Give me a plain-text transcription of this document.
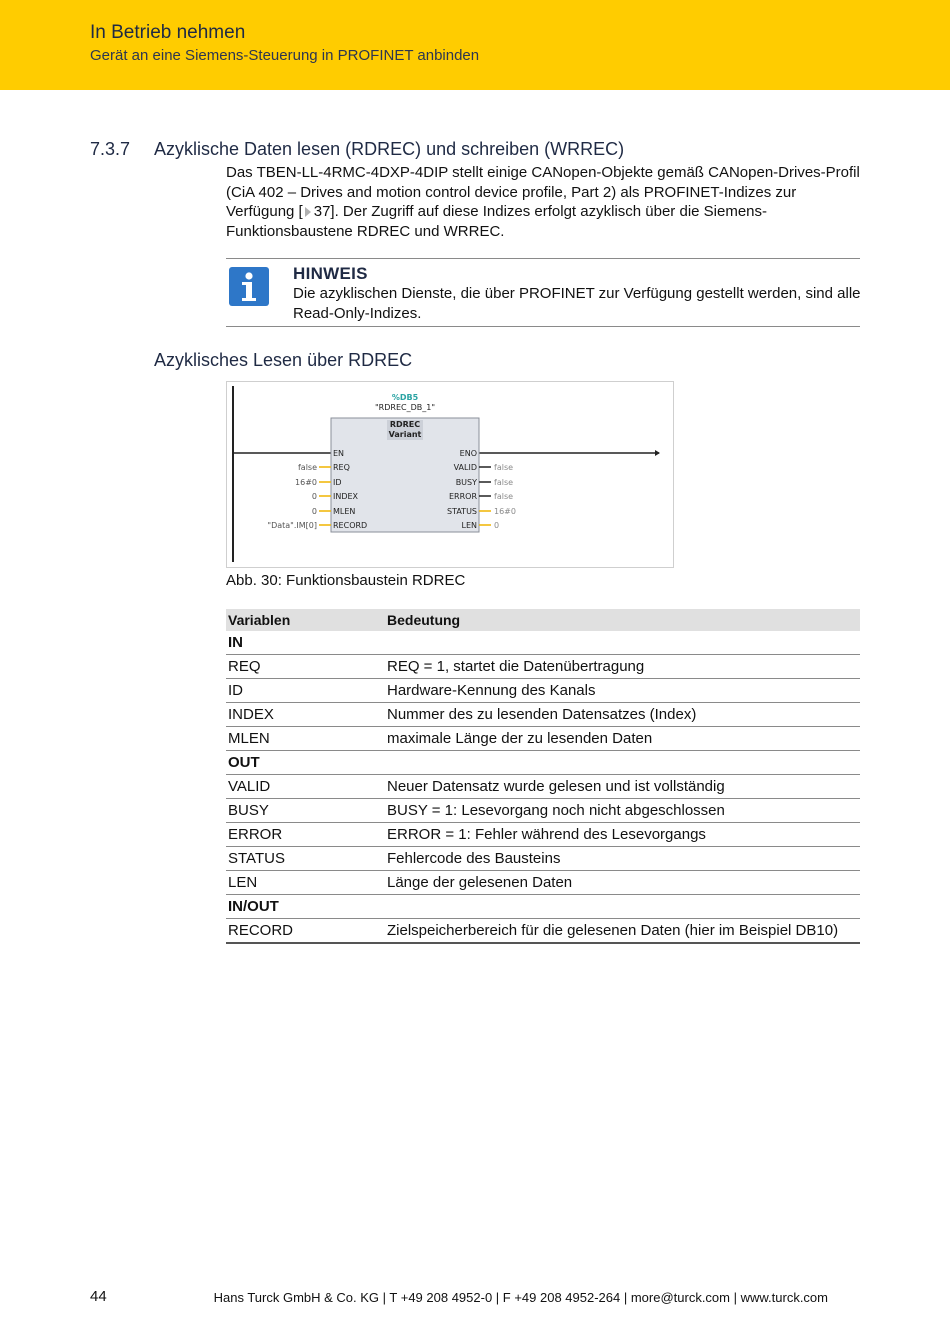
In Betrieb nehmen
Gerät an eine Siemens-Steuerung in PROFINET anbinden
7.3.7 Azyklische Daten lesen (RDREC) und schreiben (WRREC)
Das TBEN-LL-4RMC-4DXP-4DIP stellt einige CANopen-Objekte gemäß CANopen-Drives-Profil (CiA 402 – Drives and motion control device profile, Part 2) als PROFINET-Indizes zur Verfügung [ 37]. Der Zugriff auf diese Indizes erfolgt azyklisch über die Siemens-Funktionsbaustene RDREC und WRREC.
HINWEIS
Die azyklischen Dienste, die über PROFINET zur Verfügung gestellt werden, sind alle Read-Only-Indizes.
Azyklisches Lesen über RDREC
%DB5
"RDREC_DB_1"
RDREC
Variant
EN
REQ
false
ID
16#0
INDEX
0
MLEN
0
RECORD
"Data".IM[0]
ENO
VALID false
BUSY false
ERROR false
STATUS 16#0
LEN 0
Abb. 30: Funktionsbaustein RDREC
Variablen	Bedeutung
IN	
REQ	REQ = 1, startet die Datenübertragung
ID	Hardware-Kennung des Kanals
INDEX	Nummer des zu lesenden Datensatzes (Index)
MLEN	maximale Länge der zu lesenden Daten
OUT	
VALID	Neuer Datensatz wurde gelesen und ist vollständig
BUSY	BUSY = 1: Lesevorgang noch nicht abgeschlossen
ERROR	ERROR = 1: Fehler während des Lesevorgangs
STATUS	Fehlercode des Bausteins
LEN	Länge der gelesenen Daten
IN/OUT	
RECORD	Zielspeicherbereich für die gelesenen Daten (hier im Beispiel DB10)
44	Hans Turck GmbH & Co. KG | T +49 208 4952-0 | F +49 208 4952-264 | more@turck.com | www.turck.com
